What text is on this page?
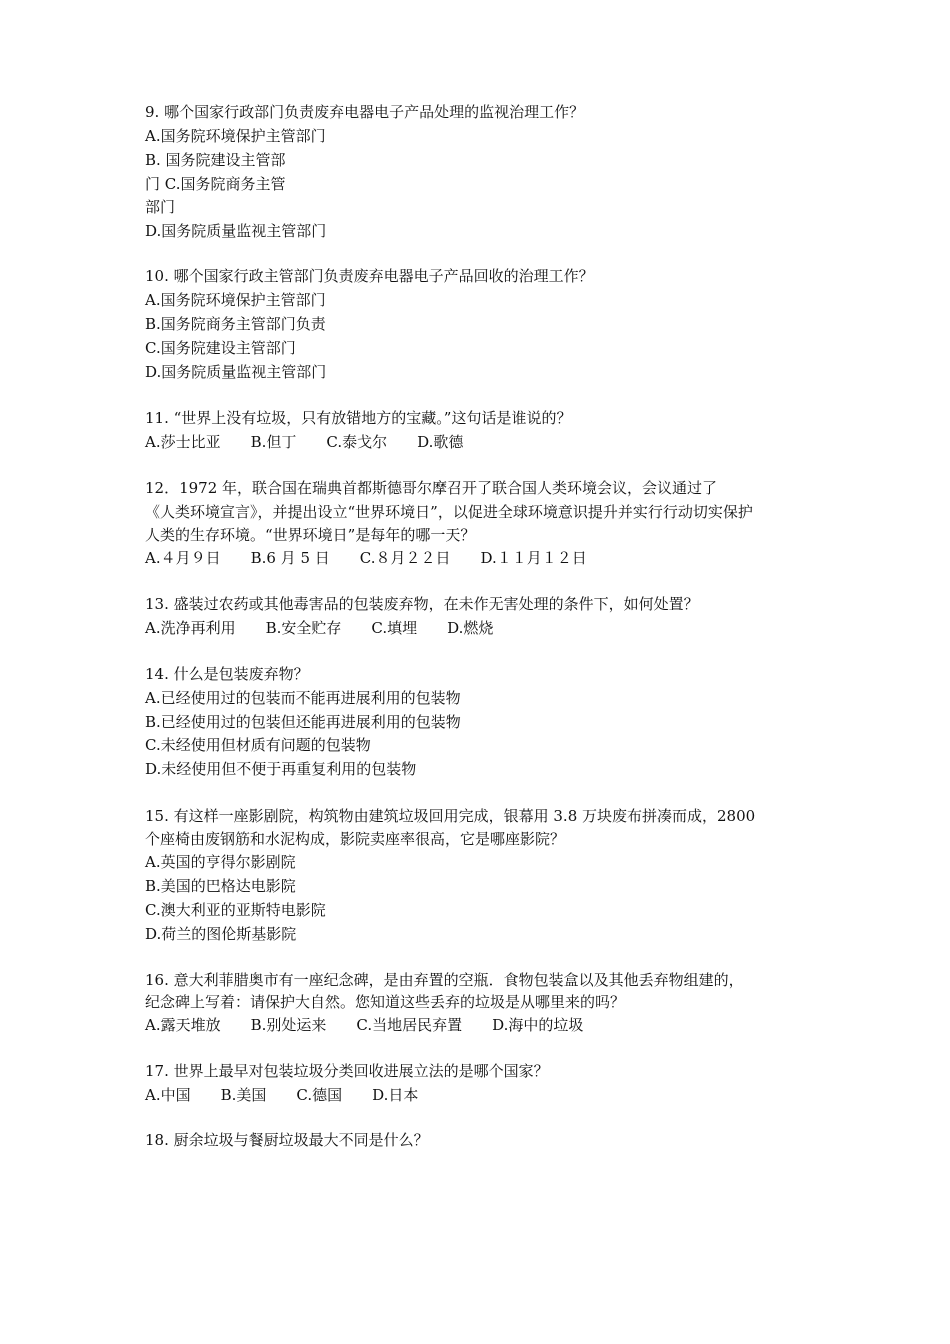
9. 哪个国家行政部门负责废弃电器电子产品处理的监视治理工作？

A.国务院环境保护主管部门

B. 国务院建设主管部

门 C.国务院商务主管

部门

D.国务院质量监视主管部门

10. 哪个国家行政主管部门负责废弃电器电子产品回收的治理工作？

A.国务院环境保护主管部门

B.国务院商务主管部门负责

C.国务院建设主管部门

D.国务院质量监视主管部门

11. “世界上没有垃圾，只有放错地方的宝藏。”这句话是谁说的？

A.莎士比亚 B.但丁 C.泰戈尔 D.歌德

12．1972 年，联合国在瑞典首都斯德哥尔摩召开了联合国人类环境会议，会议通过了

《人类环境宣言》，并提出设立“世界环境日”，以促进全球环境意识提升并实行行动切实保护

人类的生存环境。“世界环境日”是每年的哪一天？

A.４月９日 B.6 月 5 日 C.８月２２日 D.１１月１２日

13. 盛装过农药或其他毒害品的包装废弃物，在未作无害处理的条件下，如何处置？

A.洗净再利用 B.安全贮存 C.填埋 D.燃烧

14. 什么是包装废弃物？

A.已经使用过的包装而不能再进展利用的包装物

B.已经使用过的包装但还能再进展利用的包装物

C.未经使用但材质有问题的包装物

D.未经使用但不便于再重复利用的包装物

15. 有这样一座影剧院，构筑物由建筑垃圾回用完成，银幕用 3.8 万块废布拼凑而成，2800

个座椅由废钢筋和水泥构成，影院卖座率很高，它是哪座影院？

A.英国的亨得尔影剧院

B.美国的巴格达电影院

C.澳大利亚的亚斯特电影院

D.荷兰的图伦斯基影院

16. 意大利菲腊奥市有一座纪念碑，是由弃置的空瓶．食物包装盒以及其他丢弃物组建的，

纪念碑上写着：请保护大自然。您知道这些丢弃的垃圾是从哪里来的吗？

A.露天堆放 B.别处运来 C.当地居民弃置 D.海中的垃圾

17. 世界上最早对包装垃圾分类回收进展立法的是哪个国家？

A.中国 B.美国 C.德国 D.日本

18. 厨余垃圾与餐厨垃圾最大不同是什么？
